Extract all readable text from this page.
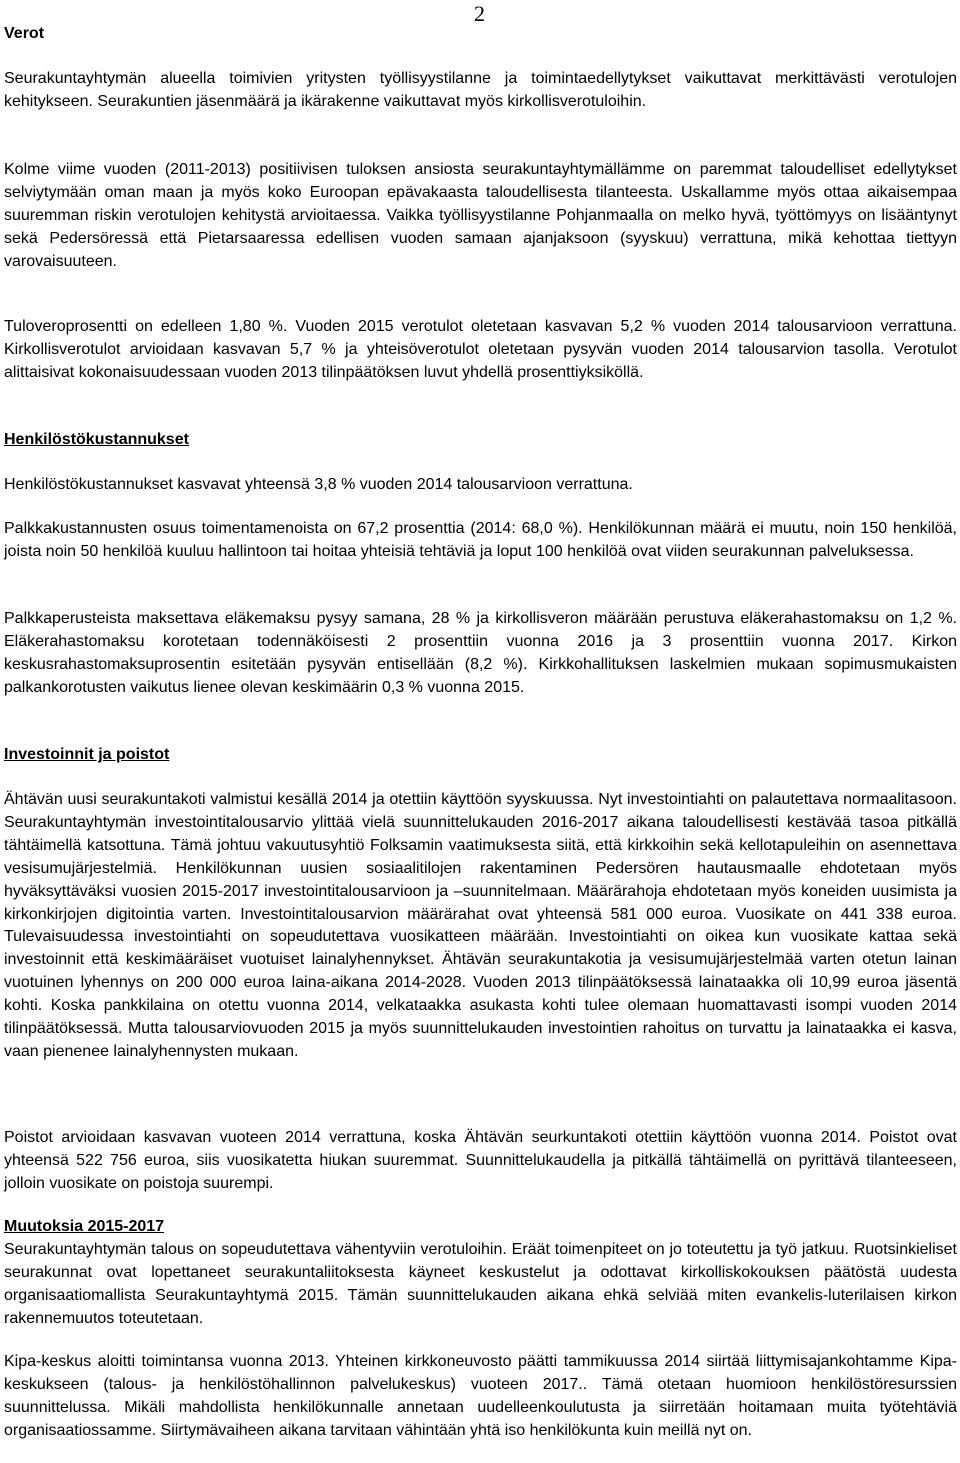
2
Verot

Seurakuntayhtymän alueella toimivien yritysten työllisyystilanne ja toimintaedellytykset vaikuttavat merkittävästi verotulojen kehitykseen. Seurakuntien jäsenmäärä ja ikärakenne vaikuttavat myös kirkollisverotuloihin.

Kolme viime vuoden (2011-2013) positiivisen tuloksen ansiosta seurakuntayhtymällämme on paremmat taloudelliset edellytykset selviytymään oman maan ja myös koko Euroopan epävakaasta taloudellisesta tilanteesta. Uskallamme myös ottaa aikaisempaa suuremman riskin verotulojen kehitystä arvioitaessa. Vaikka työllisyystilanne Pohjanmaalla on melko hyvä, työttömyys on lisääntynyt sekä Pedersöressä että Pietarsaaressa edellisen vuoden samaan ajanjaksoon (syyskuu) verrattuna, mikä kehottaa tiettyyn varovaisuuteen.

Tuloveroprosentti on edelleen 1,80 %. Vuoden 2015 verotulot oletetaan kasvavan 5,2 % vuoden 2014 talousarvioon verrattuna. Kirkollisverotulot arvioidaan kasvavan 5,7 % ja yhteisöverotulot oletetaan pysyvän vuoden 2014 talousarvion tasolla. Verotulot alittaisivat kokonaisuudessaan vuoden 2013 tilinpäätöksen luvut yhdellä prosenttiyksiköllä.

Henkilöstökustannukset

Henkilöstökustannukset kasvavat yhteensä 3,8 % vuoden 2014 talousarvioon verrattuna.

Palkkakustannusten osuus toimentamenoista on 67,2 prosenttia (2014: 68,0 %). Henkilökunnan määrä ei muutu, noin 150 henkilöä, joista noin 50 henkilöä kuuluu hallintoon tai hoitaa yhteisiä tehtäviä ja loput 100 henkilöä ovat viiden seurakunnan palveluksessa.

Palkkaperusteista maksettava eläkemaksu pysyy samana, 28 % ja kirkollisveron määrään perustuva eläkerahastomaksu on 1,2 %. Eläkerahastomaksu korotetaan todennäköisesti 2 prosenttiin vuonna 2016 ja 3 prosenttiin vuonna 2017. Kirkon keskusrahastomaksuprosentin esitetään pysyvän entisellään (8,2 %). Kirkkohallituksen laskelmien mukaan sopimusmukaisten palkankorotusten vaikutus lienee olevan keskimäärin 0,3 % vuonna 2015.

Investoinnit ja poistot

Ähtävän uusi seurakuntakoti valmistui kesällä 2014 ja otettiin käyttöön syyskuussa. Nyt investointiahti on palautettava normaalitasoon. Seurakuntayhtymän investointitalousarvio ylittää vielä suunnittelukauden 2016-2017 aikana taloudellisesti kestävää tasoa pitkällä tähtäimellä katsottuna. Tämä johtuu vakuutusyhtiö Folksamin vaatimuksesta siitä, että kirkkoihin sekä kellotapuleihin on asennettava vesisumujärjestelmiä. Henkilökunnan uusien sosiaalitilojen rakentaminen Pedersören hautausmaalle ehdotetaan myös hyväksyttäväksi vuosien 2015-2017 investointitalousarvioon ja –suunnitelmaan. Määrärahoja ehdotetaan myös koneiden uusimista ja kirkonkirjojen digitointia varten. Investointitalousarvion määrärahat ovat yhteensä 581 000 euroa. Vuosikate on 441 338 euroa. Tulevaisuudessa investointiahti on sopeudutettava vuosikatteen määrään. Investointiahti on oikea kun vuosikate kattaa sekä investoinnit että keskimääräiset vuotuiset lainalyhennykset. Ähtävän seurakuntakotia ja vesisumujärjestelmää varten otetun lainan vuotuinen lyhennys on 200 000 euroa laina-aikana 2014-2028. Vuoden 2013 tilinpäätöksessä lainataakka oli 10,99 euroa jäsentä kohti. Koska pankkilaina on otettu vuonna 2014, velkataakka asukasta kohti tulee olemaan huomattavasti isompi vuoden 2014 tilinpäätöksessä. Mutta talousarviovuoden 2015 ja myös suunnittelukauden investointien rahoitus on turvattu ja lainataakka ei kasva, vaan pienenee lainalyhennysten mukaan.

Poistot arvioidaan kasvavan vuoteen 2014 verrattuna, koska Ähtävän seurkuntakoti otettiin käyttöön vuonna 2014. Poistot ovat yhteensä 522 756 euroa, siis vuosikatetta hiukan suuremmat. Suunnittelukaudella ja pitkällä tähtäimellä on pyrittävä tilanteeseen, jolloin vuosikate on poistoja suurempi.

Muutoksia 2015-2017

Seurakuntayhtymän talous on sopeudutettava vähentyviin verotuloihin. Eräät toimenpiteet on jo toteutettu ja työ jatkuu. Ruotsinkieliset seurakunnat ovat lopettaneet seurakuntaliitoksesta käyneet keskustelut ja odottavat kirkolliskokouksen päätöstä uudesta organisaatiomallista Seurakuntayhtymä 2015. Tämän suunnittelukauden aikana ehkä selviää miten evankelis-luterilaisen kirkon rakennemuutos toteutetaan.

Kipa-keskus aloitti toimintansa vuonna 2013. Yhteinen kirkkoneuvosto päätti tammikuussa 2014 siirtää liittymisajankohtamme Kipa-keskukseen (talous- ja henkilöstöhallinnon palvelukeskus) vuoteen 2017.. Tämä otetaan huomioon henkilöstöresurssien suunnittelussa. Mikäli mahdollista henkilökunnalle annetaan uudelleenkoulutusta ja siirretään hoitamaan muita työtehtäviä organisaatiossamme. Siirtymävaiheen aikana tarvitaan vähintään yhtä iso henkilökunta kuin meillä nyt on.
